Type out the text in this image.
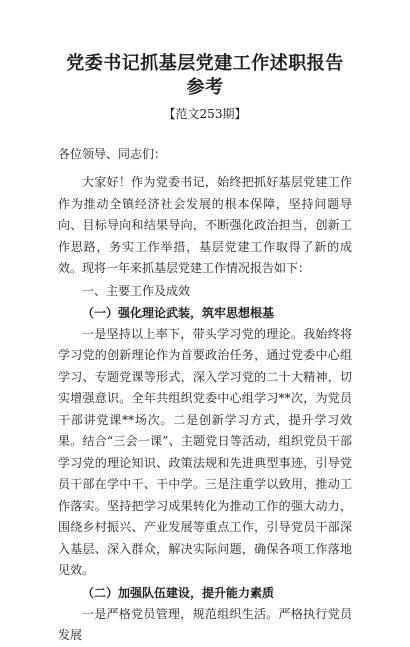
党委书记抓基层党建工作述职报告参考
【范文253期】
各位领导、同志们：

大家好！作为党委书记，始终把抓好基层党建工作作为推动全镇经济社会发展的根本保障，坚持问题导向、目标导向和结果导向，不断强化政治担当，创新工作思路，务实工作举措，基层党建工作取得了新的成效。现将一年来抓基层党建工作情况报告如下：

一、主要工作及成效

（一）强化理论武装，筑牢思想根基

一是坚持以上率下，带头学习党的理论。我始终将学习党的创新理论作为首要政治任务，通过党委中心组学习、专题党课等形式，深入学习党的二十大精神，切实增强意识。全年共组织党委中心组学习**次，为党员干部讲党课**场次。二是创新学习方式，提升学习效果。结合“三会一课”、主题党日等活动，组织党员干部学习党的理论知识、政策法规和先进典型事迹，引导党员干部在学中干、干中学。三是注重学以致用，推动工作落实。坚持把学习成果转化为推动工作的强大动力，围绕乡村振兴、产业发展等重点工作，引导党员干部深入基层、深入群众，解决实际问题，确保各项工作落地见效。

（二）加强队伍建设，提升能力素质

一是严格党员管理，规范组织生活。严格执行党员发展
